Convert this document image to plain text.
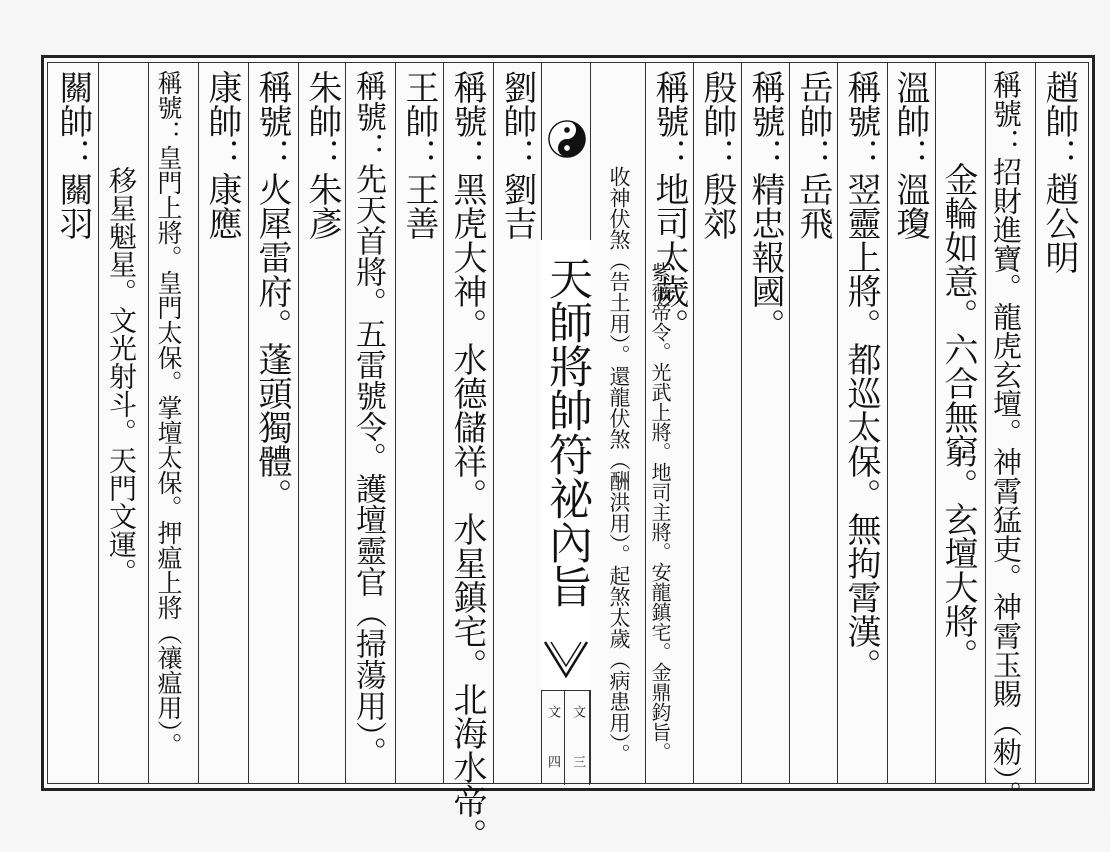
天師將帥符祕內旨
文
四
文
三
趙帥：趙公明
稱號：招財進寶。龍虎玄壇。神霄猛吏。神霄玉賜（勑）。
金輪如意。六合無窮。玄壇大將。
溫帥：溫瓊
稱號：翌靈上將。都巡太保。無拘霄漢。
岳帥：岳飛
稱號：精忠報國。
殷帥：殷郊
稱號：地司太歲。
紫薇帝令。光武上將。地司主將。安龍鎮宅。金鼎鈞旨。
收神伏煞（告土用）。還龍伏煞（酬洪用）。起煞太歲（病患用）。
劉帥：劉吉
稱號：黑虎大神。水德儲祥。水星鎮宅。北海水帝。
王帥：王善
稱號：先天首將。五雷號令。護壇靈官（掃蕩用）。
朱帥：朱彥
稱號：火犀雷府。蓬頭獨體。
康帥：康應
稱號：皇門上將。皇門太保。掌壇太保。押瘟上將（禳瘟用）。
移星魁星。文光射斗。天門文運。
關帥：關羽
